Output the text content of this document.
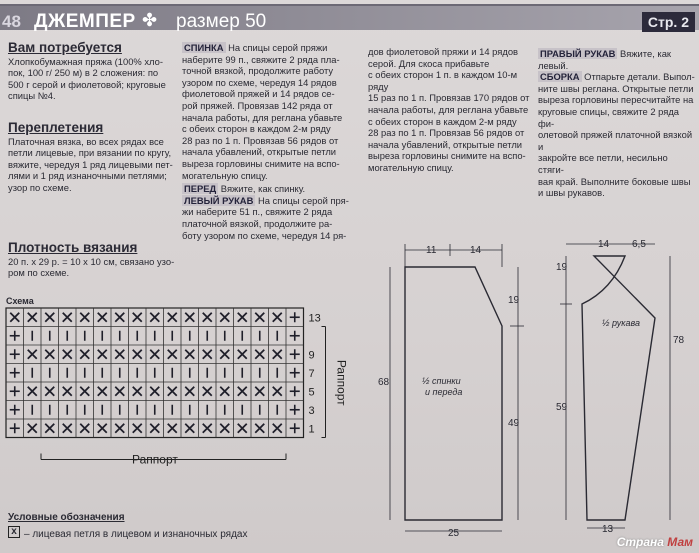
48 ДЖЕМПЕР ✤ размер 50	Стр. 2
Вам потребуется
Хлопкобумажная пряжа (100% хло-
пок, 100 г/ 250 м) в 2 сложения: по
500 г серой и фиолетовой; круговые
спицы №4.
Переплетения
Платочная вязка, во всех рядах все
петли лицевые, при вязании по кругу,
вяжите, чередуя 1 ряд лицевыми пет-
лями и 1 ряд изнаночными петлями;
узор по схеме.
Плотность вязания
20 п. x 29 р. = 10 x 10 см, связано узо-
ром по схеме.
СПИНКА На спицы серой пряжи
наберите 99 п., свяжите 2 ряда пла-
точной вязкой, продолжите работу
узором по схеме, чередуя 14 рядов
фиолетовой пряжей и 14 рядов се-
рой пряжей. Провязав 142 ряда от
начала работы, для реглана убавьте
с обеих сторон в каждом 2-м ряду
28 раз по 1 п. Провязав 56 рядов от
начала убавлений, открытые петли
выреза горловины снимите на вспо-
могательную спицу.
ПЕРЕД Вяжите, как спинку.
ЛЕВЫЙ РУКАВ На спицы серой пря-
жи наберите 51 п., свяжите 2 ряда
платочной вязкой, продолжите ра-
боту узором по схеме, чередуя 14 ря-
дов фиолетовой пряжи и 14 рядов
серой. Для скоса прибавьте
с обеих сторон 1 п. в каждом 10-м ряду
15 раз по 1 п. Провязав 170 рядов от
начала работы, для реглана убавьте
с обеих сторон в каждом 2-м ряду
28 раз по 1 п. Провязав 56 рядов от
начала убавлений, открытые петли
выреза горловины снимите на вспо-
могательную спицу.
ПРАВЫЙ РУКАВ Вяжите, как левый.
СБОРКА Отпарьте детали. Выпол-
ните швы реглана. Открытые петли
выреза горловины пересчитайте на
круговые спицы, свяжите 2 ряда фи-
олетовой пряжей платочной вязкой и
закройте все петли, несильно стяги-
вая край. Выполните боковые швы
и швы рукавов.
Схема
13
9
7
5
3
1
Раппорт
Раппорт
Условные обозначения
x – лицевая петля в лицевом и изнаночных рядах
11	14
19
49
68
25
½ спинки
и переда
14 6,5
19
59
78
13
½ рукава
Страна Мам
